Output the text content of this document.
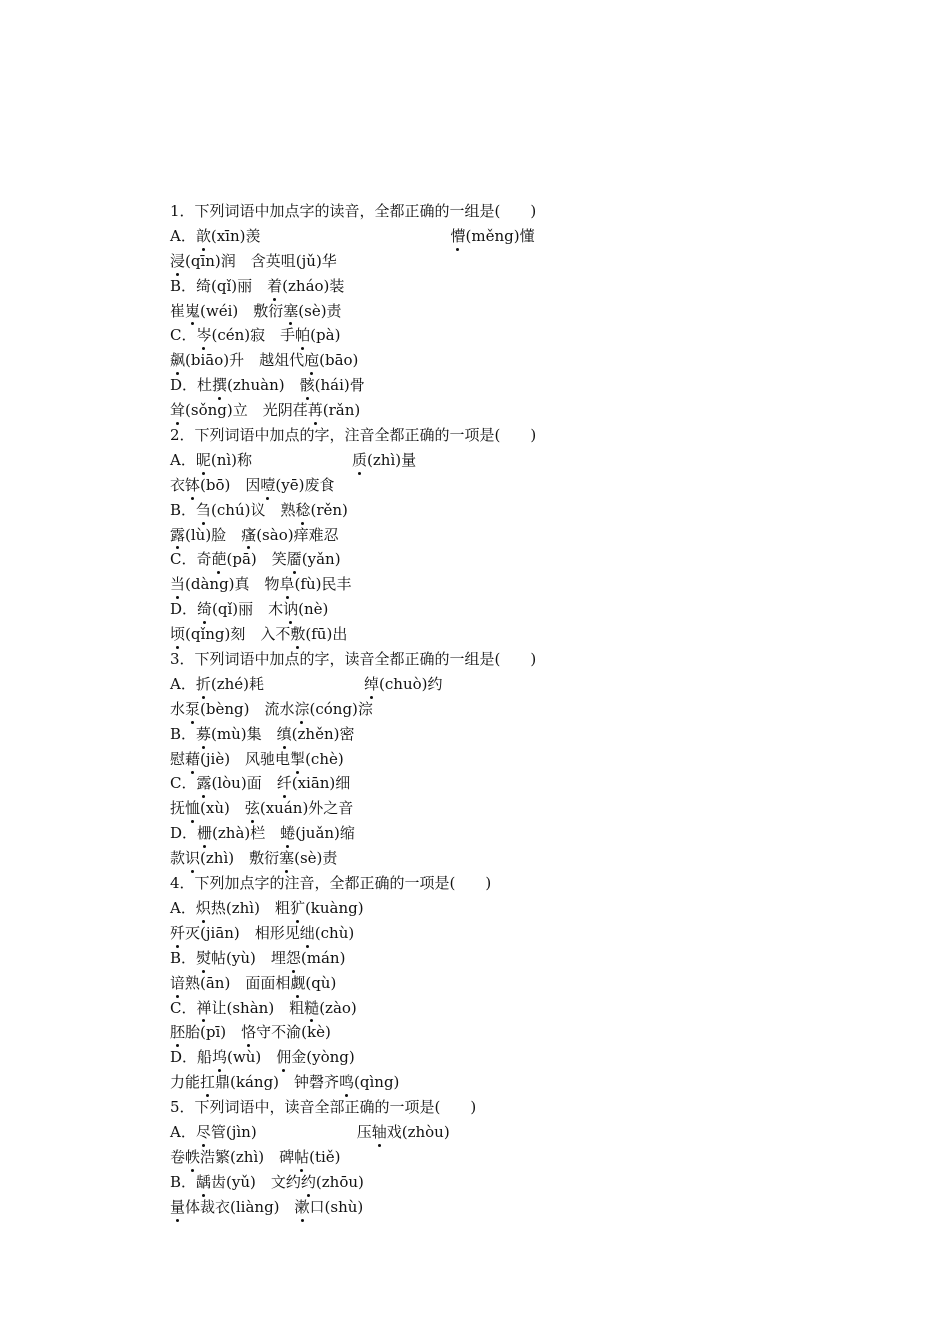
1．下列词语中加点字的读音，全都正确的一组是(　　)
A．歆(xīn)羡	懵(měng)懂
浸(qīn)润　含英咀(jǔ)华
B．绮(qǐ)丽　着(zháo)装
崔嵬(wéi)　敷衍塞(sè)责
C．岑(cén)寂　手帕(pà)
飙(biāo)升　越俎代庖(bāo)
D．杜撰(zhuàn)　骸(hái)骨
耸(sǒng)立　光阴荏苒(rǎn)
2．下列词语中加点的字，注音全都正确的一项是(　　)
A．昵(nì)称	质(zhì)量
衣钵(bō)　因噎(yē)废食
B．刍(chú)议　熟稔(rěn)
露(lù)脸　瘙(sào)痒难忍
C．奇葩(pā)　笑靥(yǎn)
当(dàng)真　物阜(fù)民丰
D．绮(qǐ)丽　木讷(nè)
顷(qǐng)刻　入不敷(fū)出
3．下列词语中加点的字，读音全都正确的一组是(　　)
A．折(zhé)耗	绰(chuò)约
水泵(bèng)　流水淙(cóng)淙
B．募(mù)集　缜(zhěn)密
慰藉(jiè)　风驰电掣(chè)
C．露(lòu)面　纤(xiān)细
抚恤(xù)　弦(xuán)外之音
D．栅(zhà)栏　蜷(juǎn)缩
款识(zhì)　敷衍塞(sè)责
4．下列加点字的注音，全都正确的一项是(　　)
A．炽热(zhì)　粗犷(kuàng)
歼灭(jiān)　相形见绌(chù)
B．熨帖(yù)　埋怨(mán)
谙熟(ān)　面面相觑(qù)
C．禅让(shàn)　粗糙(zào)
胚胎(pī)　恪守不渝(kè)
D．船坞(wù)　佣金(yòng)
力能扛鼎(káng)　钟磬齐鸣(qìng)
5．下列词语中，读音全部正确的一项是(　　)
A．尽管(jìn)	压轴戏(zhòu)
卷帙浩繁(zhì)　碑帖(tiě)
B．龋齿(yǔ)　文约约(zhōu)
量体裁衣(liàng)　漱口(shù)
